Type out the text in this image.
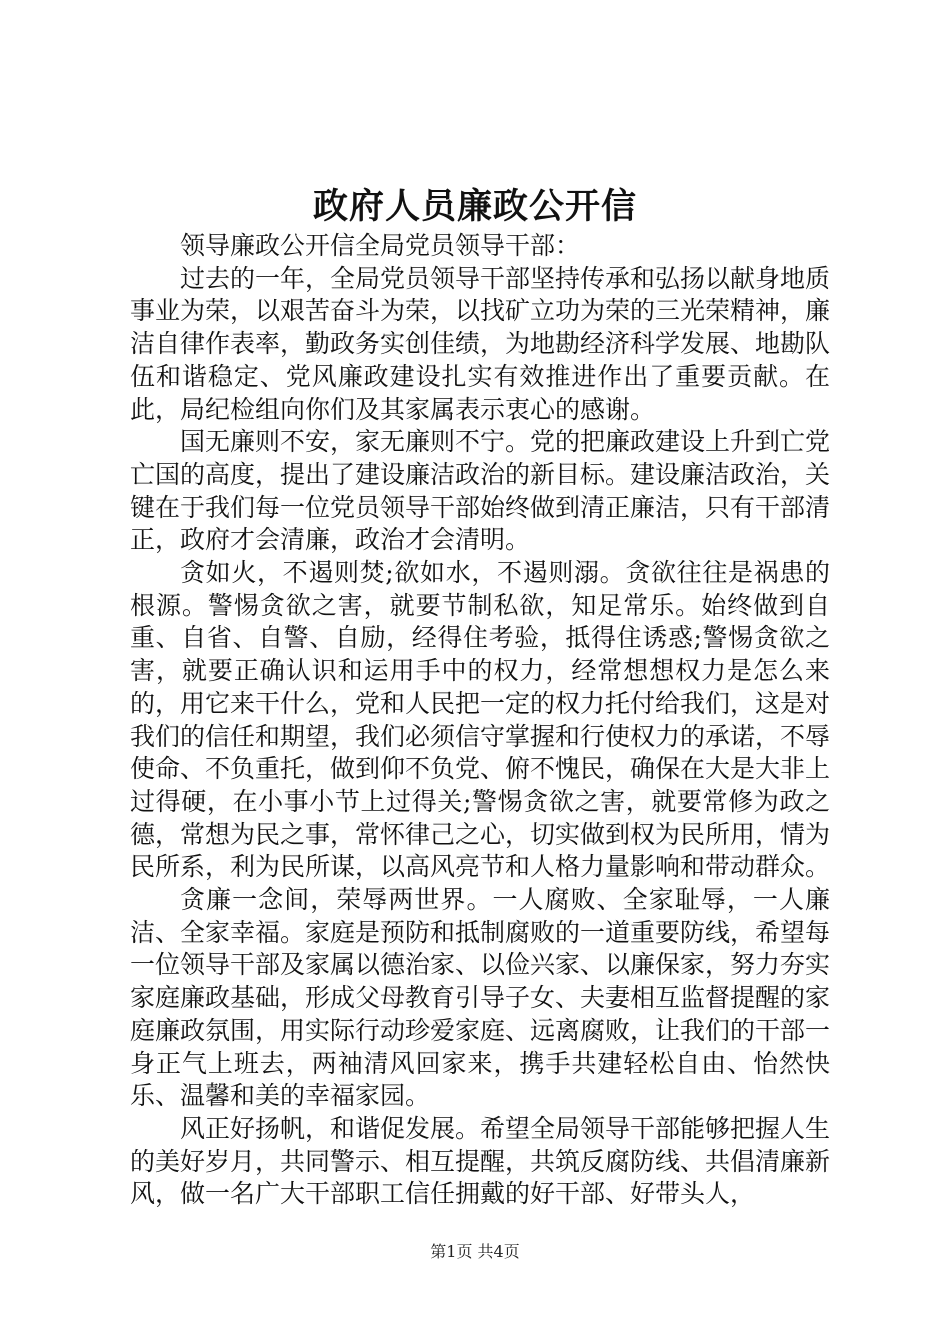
政府人员廉政公开信

领导廉政公开信全局党员领导干部：

过去的一年，全局党员领导干部坚持传承和弘扬以献身地质事业为荣，以艰苦奋斗为荣，以找矿立功为荣的三光荣精神，廉洁自律作表率，勤政务实创佳绩，为地勘经济科学发展、地勘队伍和谐稳定、党风廉政建设扎实有效推进作出了重要贡献。在此，局纪检组向你们及其家属表示衷心的感谢。

国无廉则不安，家无廉则不宁。党的把廉政建设上升到亡党亡国的高度，提出了建设廉洁政治的新目标。建设廉洁政治，关键在于我们每一位党员领导干部始终做到清正廉洁，只有干部清正，政府才会清廉，政治才会清明。

贪如火，不遏则焚;欲如水，不遏则溺。贪欲往往是祸患的根源。警惕贪欲之害，就要节制私欲，知足常乐。始终做到自重、自省、自警、自励，经得住考验，抵得住诱惑;警惕贪欲之害，就要正确认识和运用手中的权力，经常想想权力是怎么来的，用它来干什么，党和人民把一定的权力托付给我们，这是对我们的信任和期望，我们必须信守掌握和行使权力的承诺，不辱使命、不负重托，做到仰不负党、俯不愧民，确保在大是大非上过得硬，在小事小节上过得关;警惕贪欲之害，就要常修为政之德，常想为民之事，常怀律己之心，切实做到权为民所用，情为民所系，利为民所谋，以高风亮节和人格力量影响和带动群众。

贪廉一念间，荣辱两世界。一人腐败、全家耻辱，一人廉洁、全家幸福。家庭是预防和抵制腐败的一道重要防线，希望每一位领导干部及家属以德治家、以俭兴家、以廉保家，努力夯实家庭廉政基础，形成父母教育引导子女、夫妻相互监督提醒的家庭廉政氛围，用实际行动珍爱家庭、远离腐败，让我们的干部一身正气上班去，两袖清风回家来，携手共建轻松自由、怡然快乐、温馨和美的幸福家园。

风正好扬帆，和谐促发展。希望全局领导干部能够把握人生的美好岁月，共同警示、相互提醒，共筑反腐防线、共倡清廉新风，做一名广大干部职工信任拥戴的好干部、好带头人，

第1页 共4页
